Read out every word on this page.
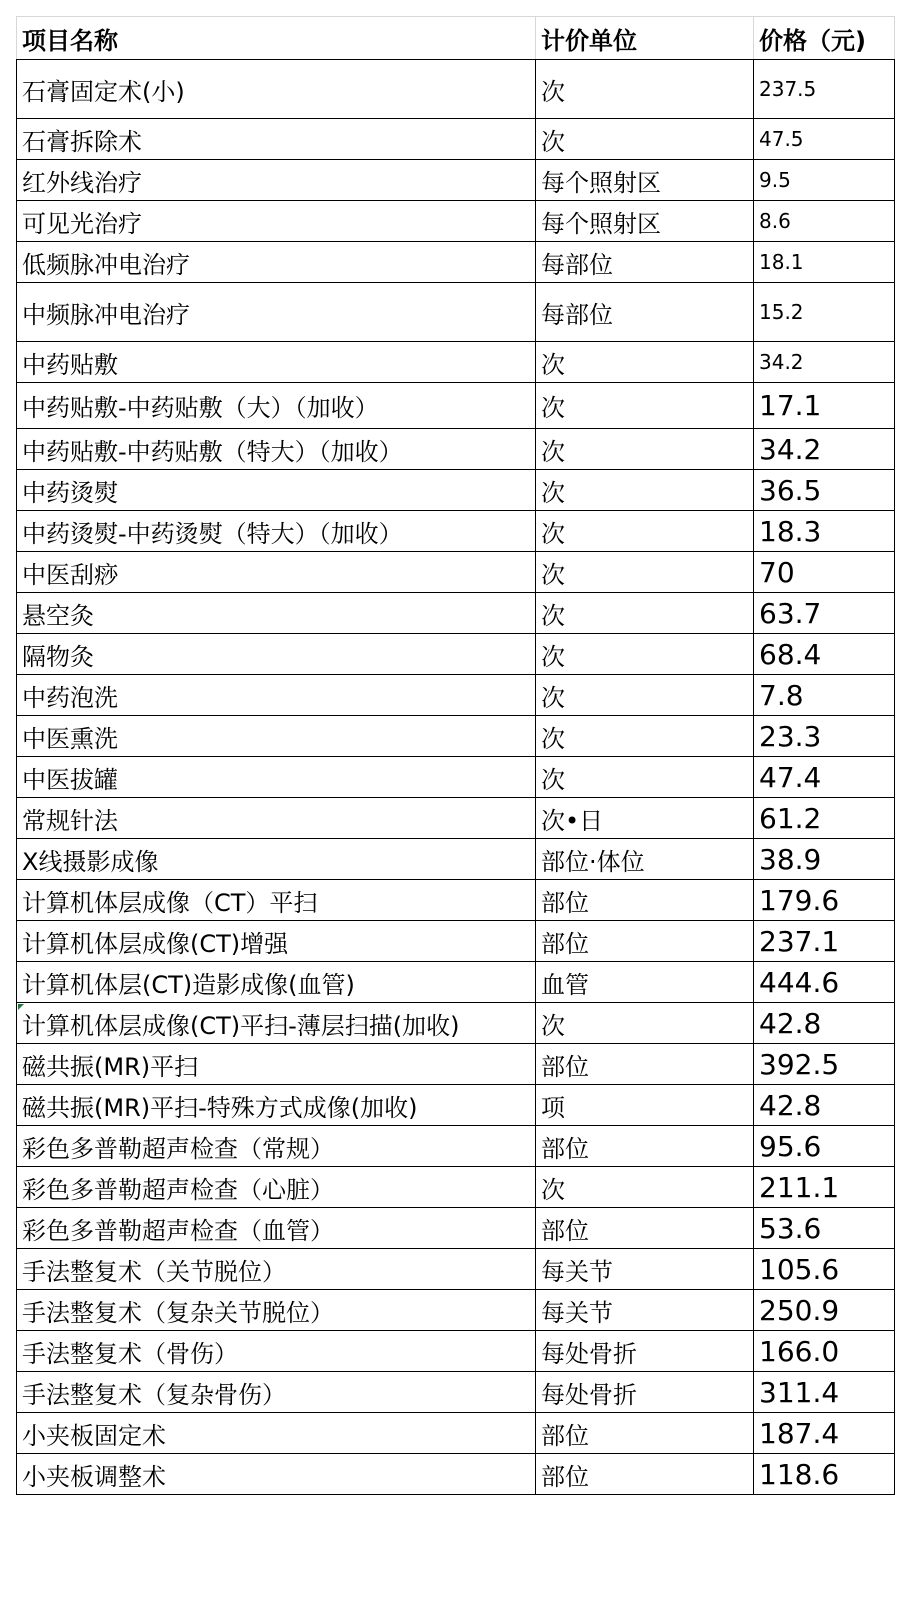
项目名称	计价单位	价格（元)
石膏固定术(小)	次	237.5
石膏拆除术	次	47.5
红外线治疗	每个照射区	9.5
可见光治疗	每个照射区	8.6
低频脉冲电治疗	每部位	18.1
中频脉冲电治疗	每部位	15.2
中药贴敷	次	34.2
中药贴敷-中药贴敷（大）（加收）	次	17.1
中药贴敷-中药贴敷（特大）（加收）	次	34.2
中药烫熨	次	36.5
中药烫熨-中药烫熨（特大）（加收）	次	18.3
中医刮痧	次	70
悬空灸	次	63.7
隔物灸	次	68.4
中药泡洗	次	7.8
中医熏洗	次	23.3
中医拔罐	次	47.4
常规针法	次•日	61.2
X线摄影成像	部位·体位	38.9
计算机体层成像（CT）平扫	部位	179.6
计算机体层成像(CT)增强	部位	237.1
计算机体层(CT)造影成像(血管)	血管	444.6

计算机体层成像(CT)平扫-薄层扫描(加收)	次	42.8
磁共振(MR)平扫	部位	392.5
磁共振(MR)平扫-特殊方式成像(加收)	项	42.8
彩色多普勒超声检查（常规）	部位	95.6
彩色多普勒超声检查（心脏）	次	211.1
彩色多普勒超声检查（血管）	部位	53.6
手法整复术（关节脱位）	每关节	105.6
手法整复术（复杂关节脱位）	每关节	250.9
手法整复术（骨伤）	每处骨折	166.0
手法整复术（复杂骨伤）	每处骨折	311.4
小夹板固定术	部位	187.4
小夹板调整术	部位	118.6
